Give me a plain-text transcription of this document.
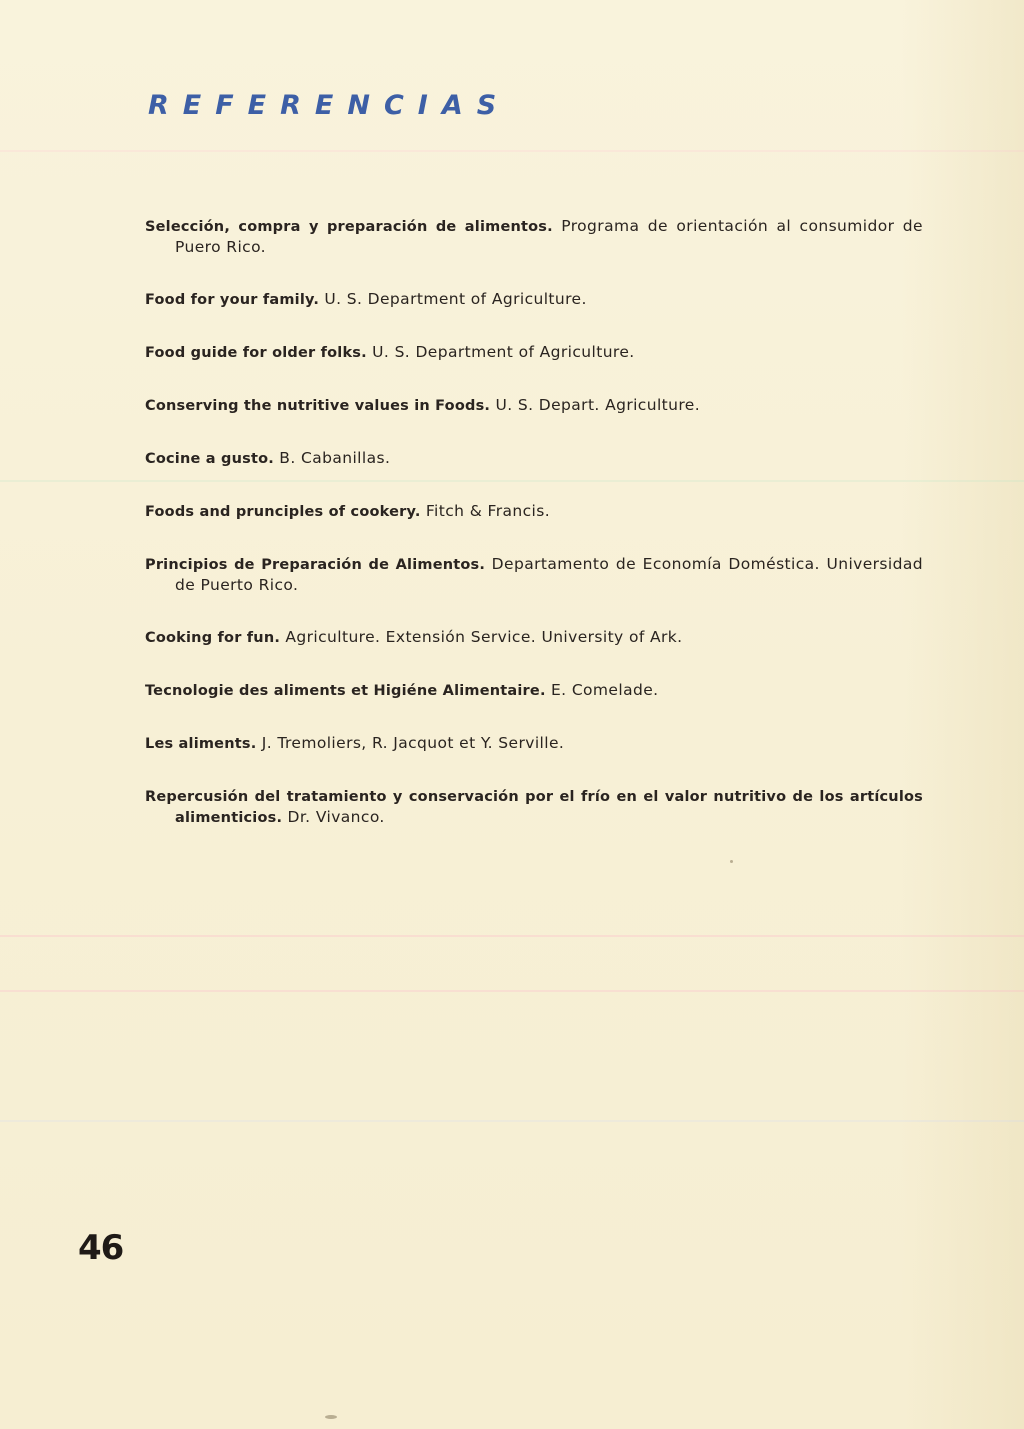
REFERENCIAS
Selección, compra y preparación de alimentos. Programa de orientación al consumidor de Puero Rico.
Food for your family. U. S. Department of Agriculture.
Food guide for older folks. U. S. Department of Agriculture.
Conserving the nutritive values in Foods. U. S. Depart. Agriculture.
Cocine a gusto. B. Cabanillas.
Foods and prunciples of cookery. Fitch & Francis.
Principios de Preparación de Alimentos. Departamento de Economía Doméstica. Universidad de Puerto Rico.
Cooking for fun. Agriculture. Extensión Service. University of Ark.
Tecnologie des aliments et Higiéne Alimentaire. E. Comelade.
Les aliments. J. Tremoliers, R. Jacquot et Y. Serville.
Repercusión del tratamiento y conservación por el frío en el valor nutritivo de los artículos alimenticios. Dr. Vivanco.
46
